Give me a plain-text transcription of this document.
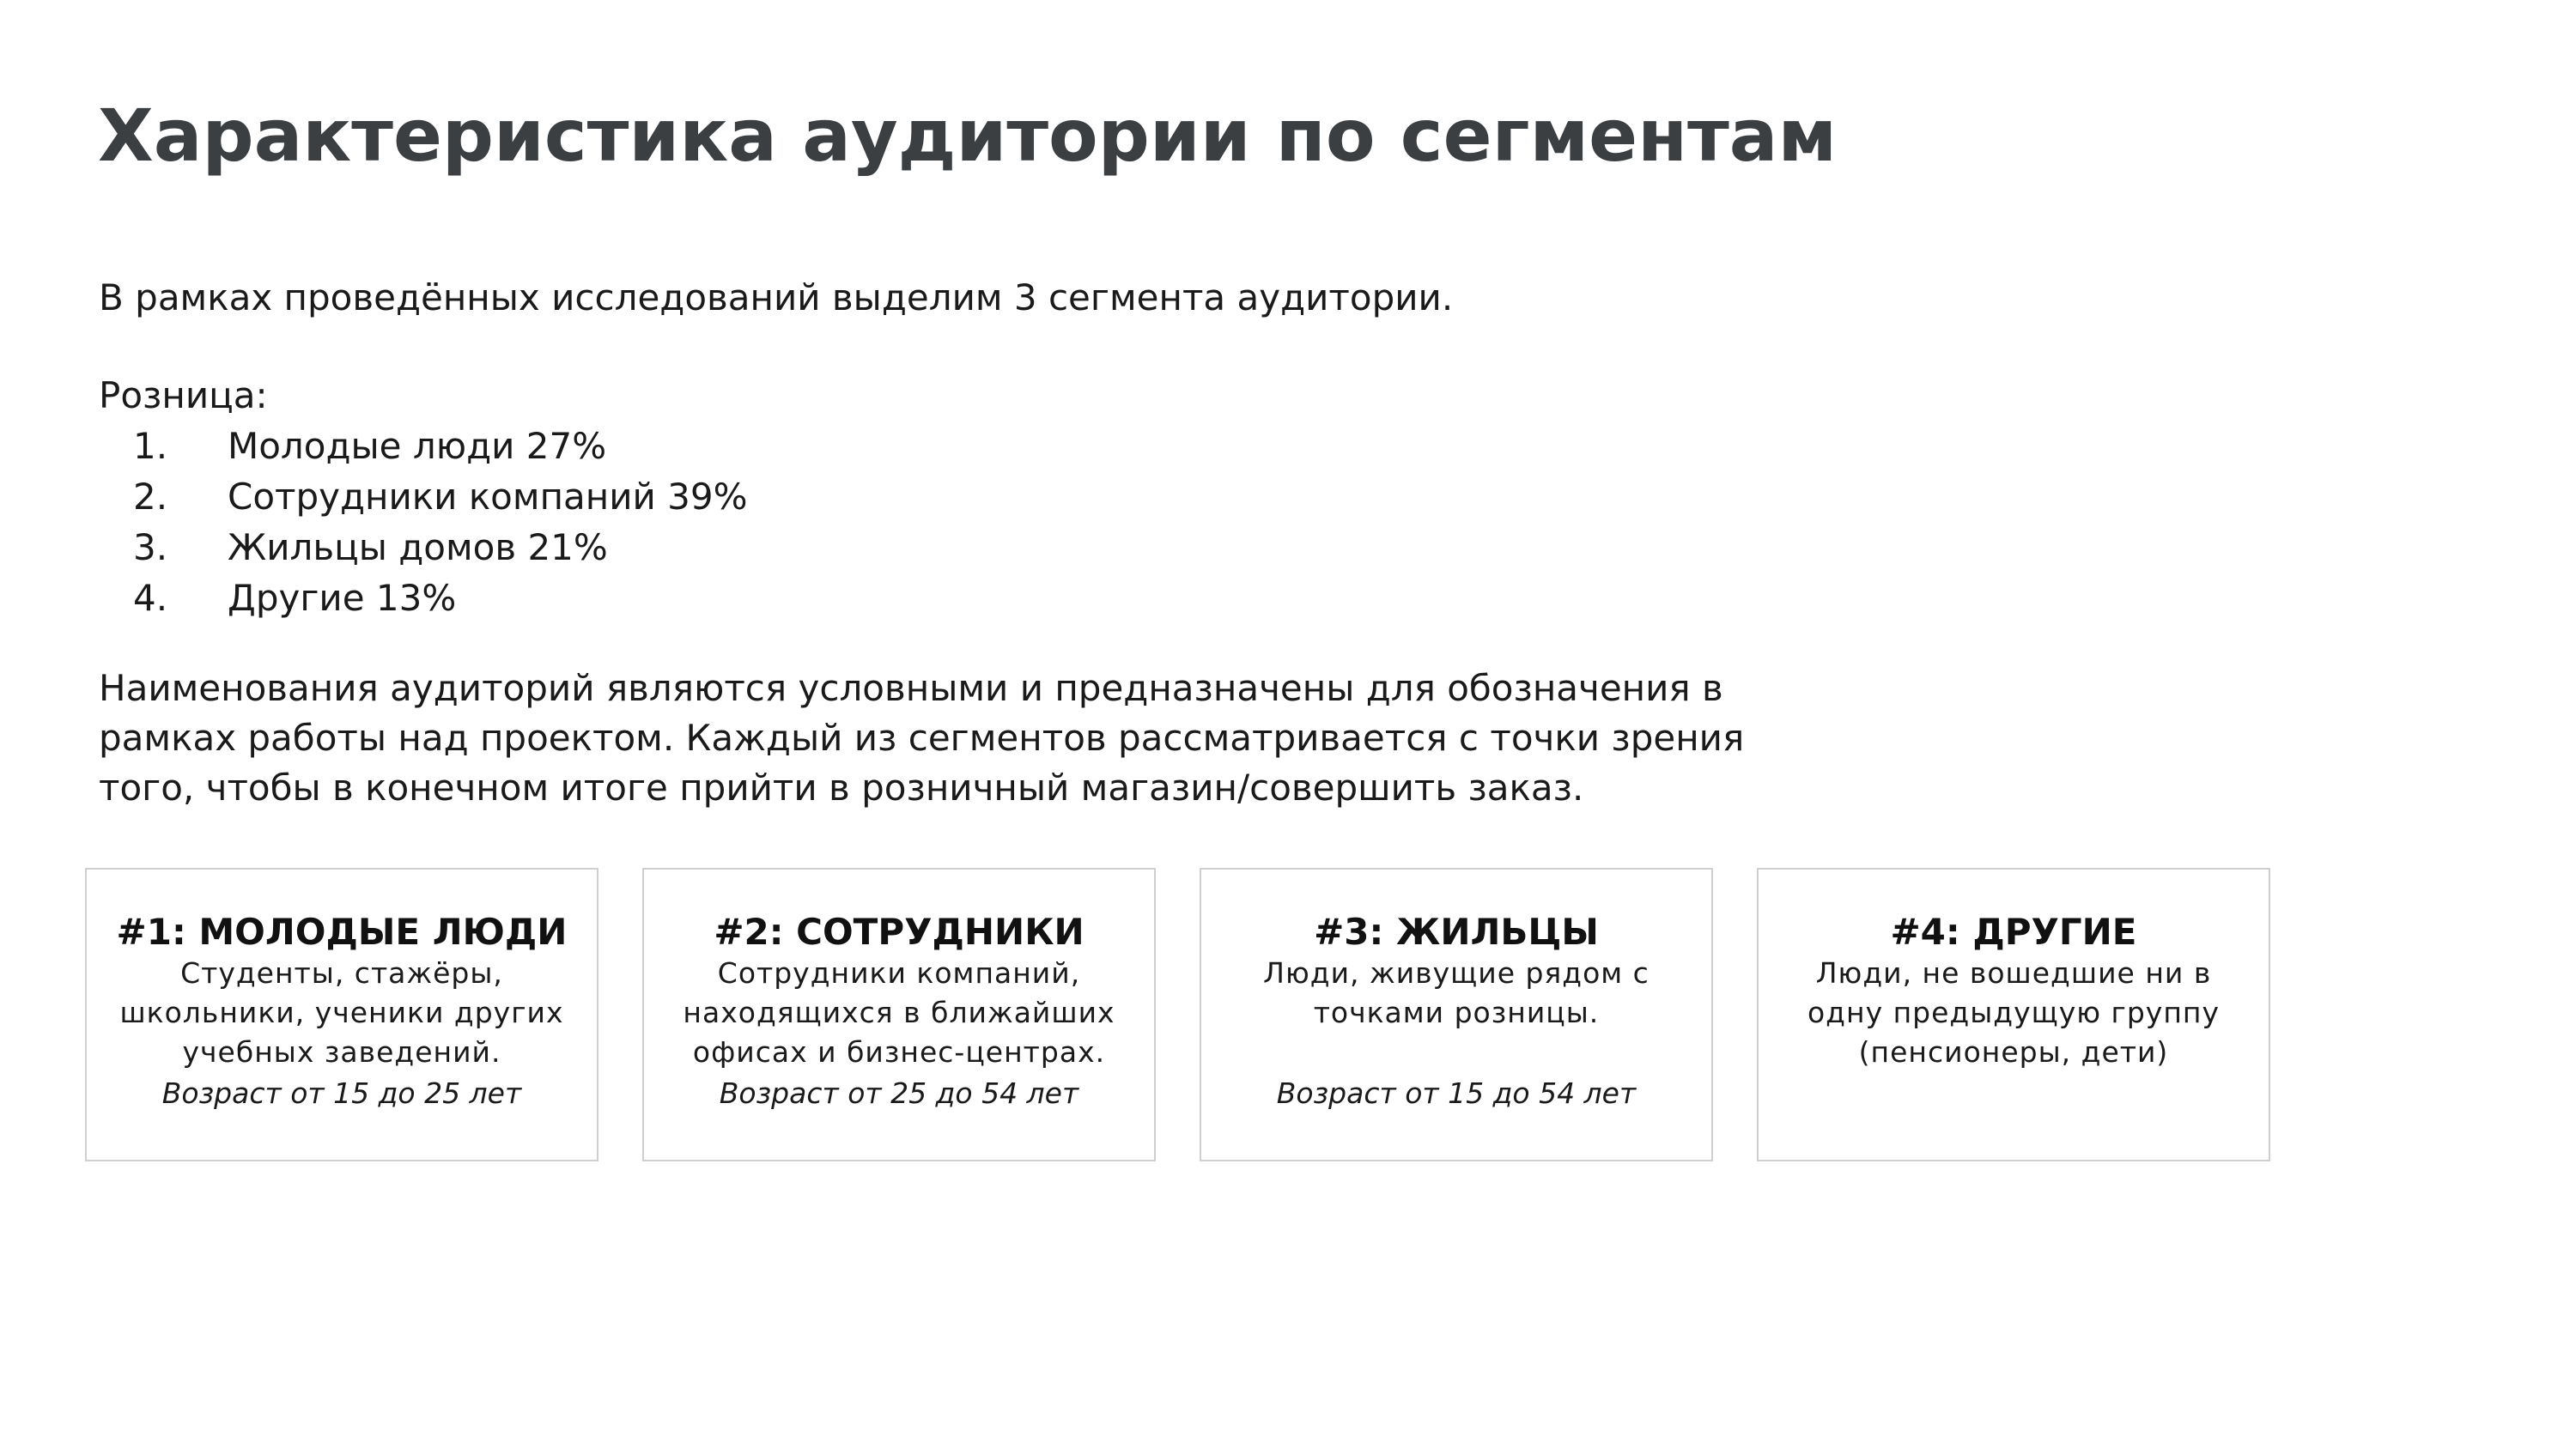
Характеристика аудитории по сегментам

В рамках проведённых исследований выделим 3 сегмента аудитории.

Розница:

1.	Молодые люди 27%
2.	Сотрудники компаний 39%
3.	Жильцы домов 21%
4.	Другие 13%

Наименования аудиторий являются условными и предназначены для обозначения в
рамках работы над проектом. Каждый из сегментов рассматривается с точки зрения
того, чтобы в конечном итоге прийти в розничный магазин/совершить заказ.

#1: МОЛОДЫЕ ЛЮДИ

Студенты, стажёры,
школьники, ученики других
учебных заведений.

Возраст от 15 до 25 лет

#2: СОТРУДНИКИ

Сотрудники компаний,
находящихся в ближайших
офисах и бизнес-центрах.

Возраст от 25 до 54 лет

#3: ЖИЛЬЦЫ

Люди, живущие рядом с
точками розницы.

Возраст от 15 до 54 лет

#4: ДРУГИЕ

Люди, не вошедшие ни в
одну предыдущую группу
(пенсионеры, дети)
